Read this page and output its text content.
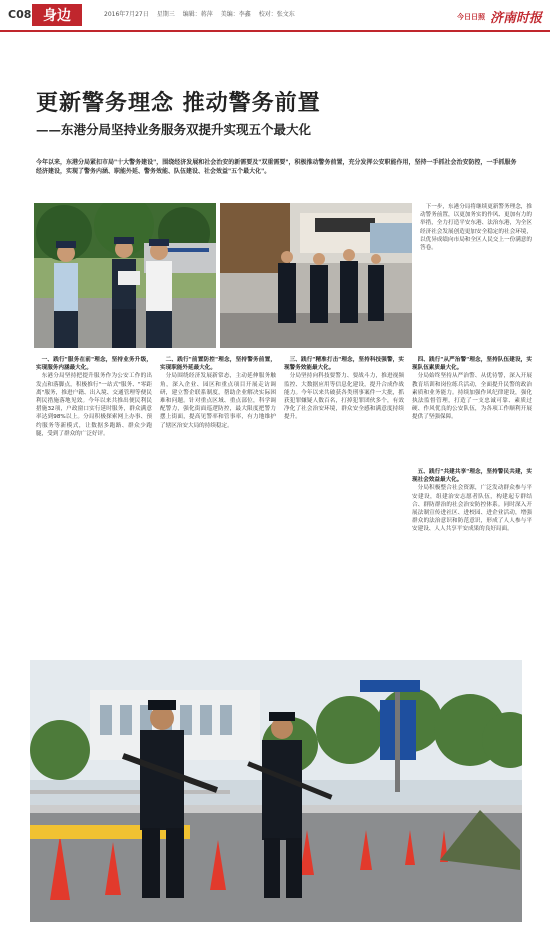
C08 身边	2016年7月27日 星期三 编辑：蒋萍 美编：李鑫 校对：张文东	今日日照 济南时报
更新警务理念 推动警务前置
——东港分局坚持业务服务双提升实现五个最大化
今年以来，东港分局紧扣市局"十大警务建设"，围绕经济发展和社会治安的新需要及"双重需要"，积极推动警务前置，充分发挥公安职能作用，坚持一手抓社会治安防控，一手抓服务经济建设，实现了警务内涵、职能外延、警务效能、队伍建设、社会效益"五个最大化"。

一、践行"服务在前"理念，坚持业务升级，实现服务内涵最大化。

东港分局坚持把提升服务作为公安工作的出发点和落脚点，积极推行"一站式"服务、"零距离"服务，推进户籍、出入境、交通管理等便民利民措施落地见效。今年以来共推出便民利民措施32项，户政窗口实行延时服务，群众满意率达到98%以上。分局积极探索网上办事、预约服务等新模式，让数据多跑路、群众少跑腿，受到了群众的广泛好评。

二、践行"前置防控"理念，坚持警务前置，实现职能外延最大化。

分局围绕经济发展新常态，主动延伸服务触角，深入企业、园区和重点项目开展走访调研，建立警企联系制度，帮助企业解决实际困难和问题。针对重点区域、重点部位，科学调配警力，强化街面巡逻防控，最大限度把警力摆上街面，提高见警率和管事率，有力地维护了辖区治安大局的持续稳定。

三、践行"精准打击"理念，坚持科技强警，实现警务效能最大化。

分局坚持向科技要警力、要战斗力，推进视频监控、大数据应用等信息化建设，提升合成作战能力。今年以来共破获各类刑事案件一大批，抓获犯罪嫌疑人数百名，打掉犯罪团伙多个，有效净化了社会治安环境，群众安全感和满意度持续提升。

四、践行"从严治警"理念，坚持队伍建设，实现队伍素质最大化。

分局始终坚持从严治警、从优待警，深入开展教育培训和岗位练兵活动，全面提升民警的政治素质和业务能力。持续加强作风纪律建设，强化执法监督管理，打造了一支忠诚可靠、素质过硬、作风优良的公安队伍，为各项工作顺利开展提供了坚强保障。

下一步，东港分局将继续更新警务理念，推动警务前置，以更加务实的作风、更加有力的举措，全力打造平安东港、法治东港，为全区经济社会发展创造更加安全稳定的社会环境，以优异成绩向市局和全区人民交上一份满意的答卷。

五、践行"共建共享"理念，坚持警民共建，实现社会效益最大化。

分局积极整合社会资源，广泛发动群众参与平安建设，组建治安志愿者队伍，构建起专群结合、群防群治的社会治安防控体系。同时深入开展法制宣传进社区、进校园、进企业活动，增强群众的法治意识和防范意识，形成了人人参与平安建设、人人共享平安成果的良好局面。
